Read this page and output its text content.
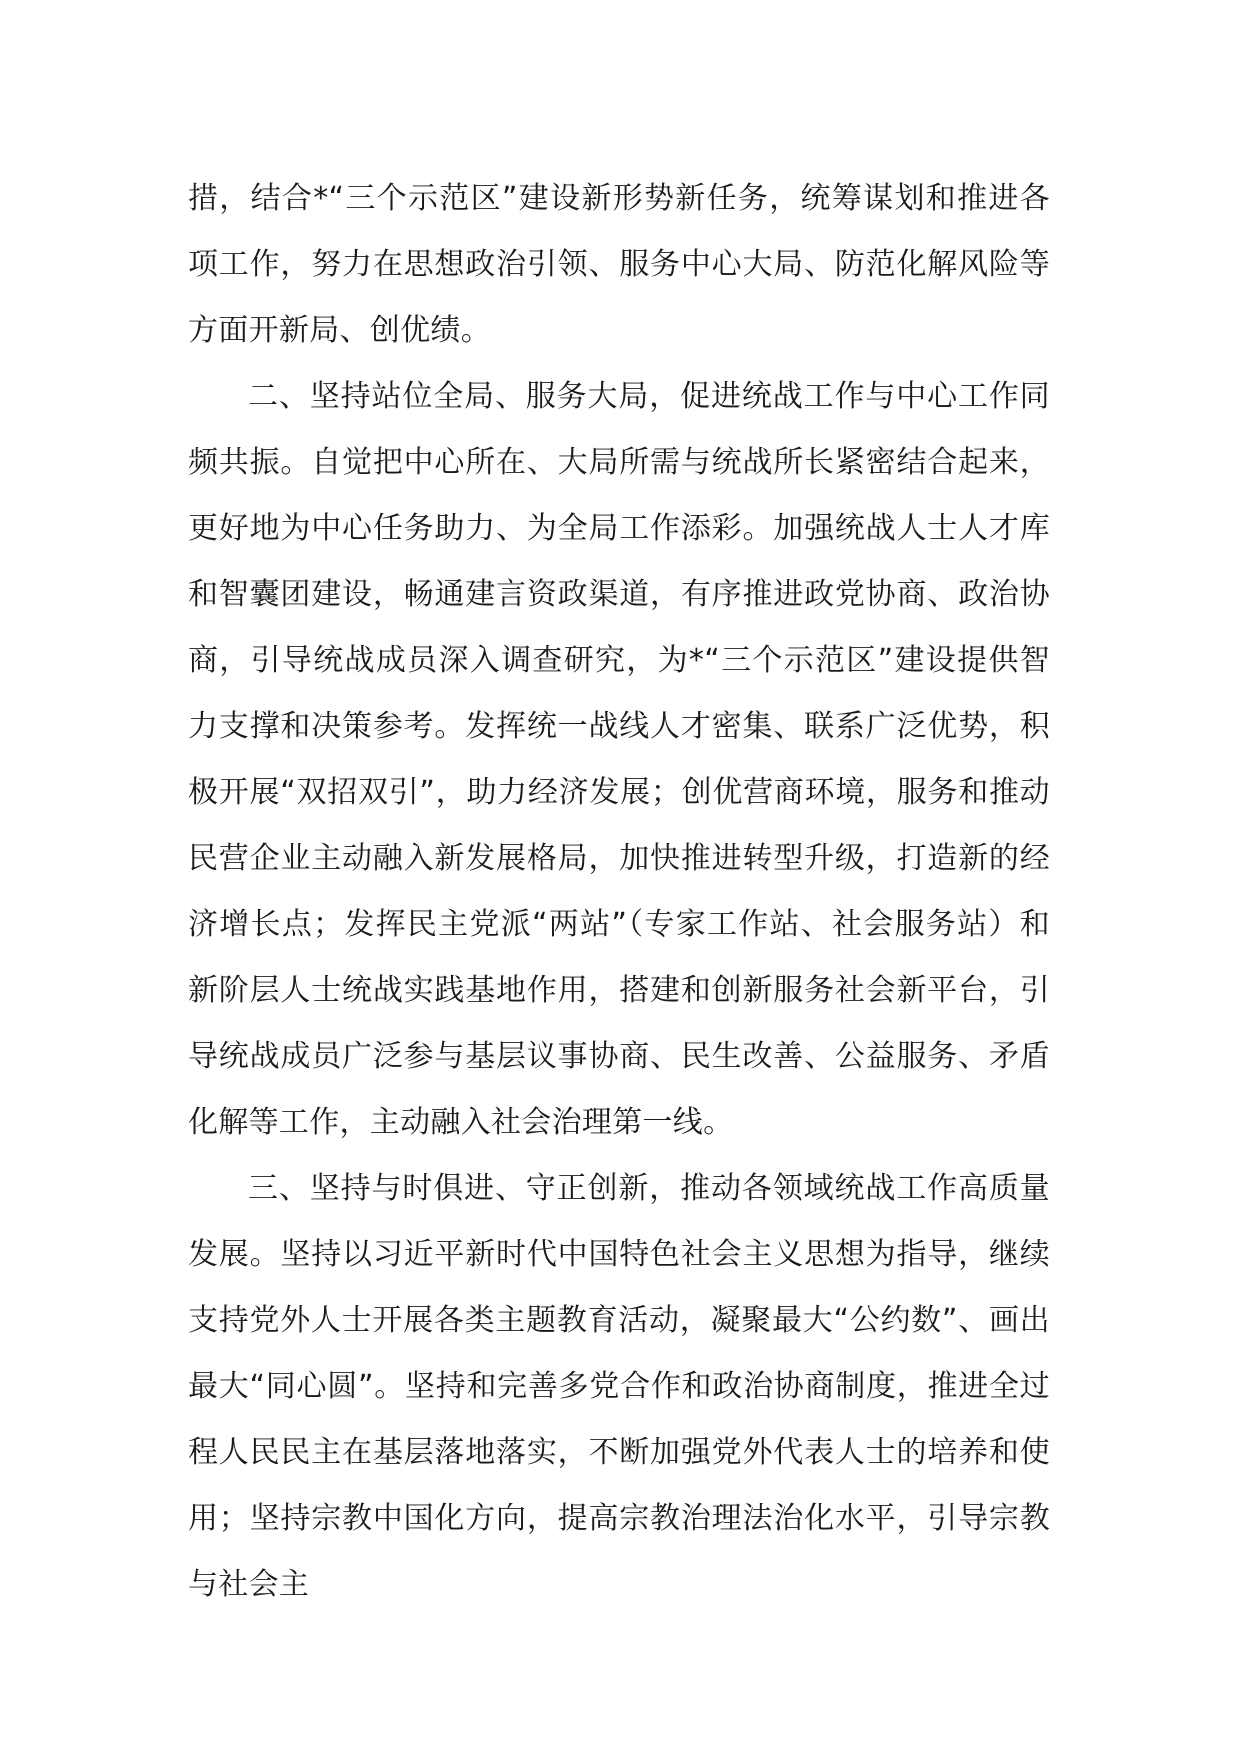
措，结合*“三个示范区”建设新形势新任务，统筹谋划和推进各项工作，努力在思想政治引领、服务中心大局、防范化解风险等方面开新局、创优绩。

二、坚持站位全局、服务大局，促进统战工作与中心工作同频共振。自觉把中心所在、大局所需与统战所长紧密结合起来，更好地为中心任务助力、为全局工作添彩。加强统战人士人才库和智囊团建设，畅通建言资政渠道，有序推进政党协商、政治协商，引导统战成员深入调查研究，为*“三个示范区”建设提供智力支撑和决策参考。发挥统一战线人才密集、联系广泛优势，积极开展“双招双引”，助力经济发展；创优营商环境，服务和推动民营企业主动融入新发展格局，加快推进转型升级，打造新的经济增长点；发挥民主党派“两站”（专家工作站、社会服务站）和新阶层人士统战实践基地作用，搭建和创新服务社会新平台，引导统战成员广泛参与基层议事协商、民生改善、公益服务、矛盾化解等工作，主动融入社会治理第一线。

三、坚持与时俱进、守正创新，推动各领域统战工作高质量发展。坚持以习近平新时代中国特色社会主义思想为指导，继续支持党外人士开展各类主题教育活动，凝聚最大“公约数”、画出最大“同心圆”。坚持和完善多党合作和政治协商制度，推进全过程人民民主在基层落地落实，不断加强党外代表人士的培养和使用；坚持宗教中国化方向，提高宗教治理法治化水平，引导宗教与社会主
